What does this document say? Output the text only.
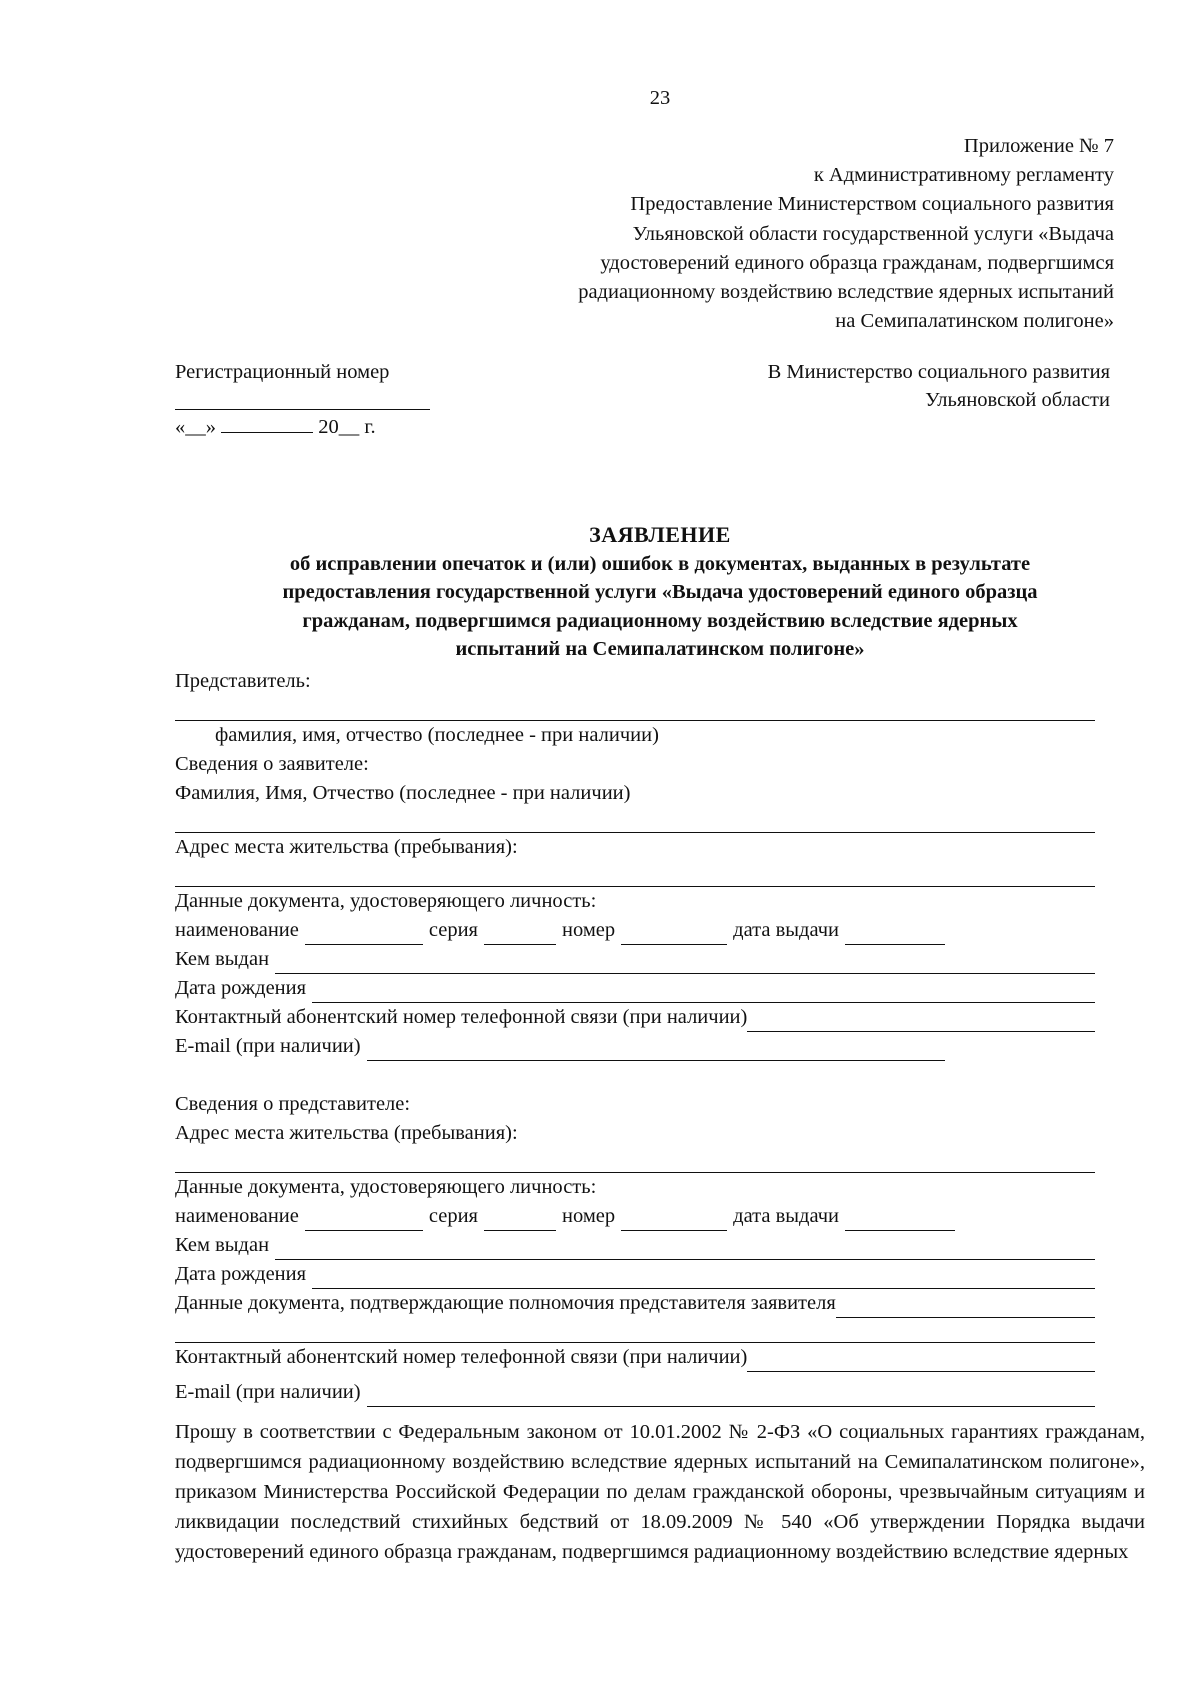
23
Приложение № 7
к Административному регламенту
Предоставление Министерством социального развития
Ульяновской области государственной услуги «Выдача
удостоверений единого образца гражданам, подвергшимся
радиационному воздействию вследствие ядерных испытаний
на Семипалатинском полигоне»
Регистрационный номер
«__»	20__ г.
В Министерство социального развития
Ульяновской области
ЗАЯВЛЕНИЕ
об исправлении опечаток и (или) ошибок в документах, выданных в результате
предоставления государственной услуги «Выдача удостоверений единого образца
гражданам, подвергшимся радиационному воздействию вследствие ядерных
испытаний на Семипалатинском полигоне»
Представитель:
фамилия, имя, отчество (последнее - при наличии)
Сведения о заявителе:
Фамилия, Имя, Отчество (последнее - при наличии)
Адрес места жительства (пребывания):
Данные документа, удостоверяющего личность:
наименование	серия	номер	дата выдачи
Кем выдан
Дата рождения
Контактный абонентский номер телефонной связи (при наличии)
E-mail (при наличии)
Сведения о представителе:
Адрес места жительства (пребывания):
Данные документа, удостоверяющего личность:
наименование	серия	номер	дата выдачи
Кем выдан
Дата рождения
Данные документа, подтверждающие полномочия представителя заявителя
Контактный абонентский номер телефонной связи (при наличии)
E-mail (при наличии)
Прошу в соответствии с Федеральным законом от 10.01.2002 № 2-ФЗ «О социальных гарантиях гражданам, подвергшимся радиационному воздействию вследствие ядерных испытаний на Семипалатинском полигоне», приказом Министерства Российской Федерации по делам гражданской обороны, чрезвычайным ситуациям и ликвидации последствий стихийных бедствий от 18.09.2009 № 540 «Об утверждении Порядка выдачи удостоверений единого образца гражданам, подвергшимся радиационному воздействию вследствие ядерных
